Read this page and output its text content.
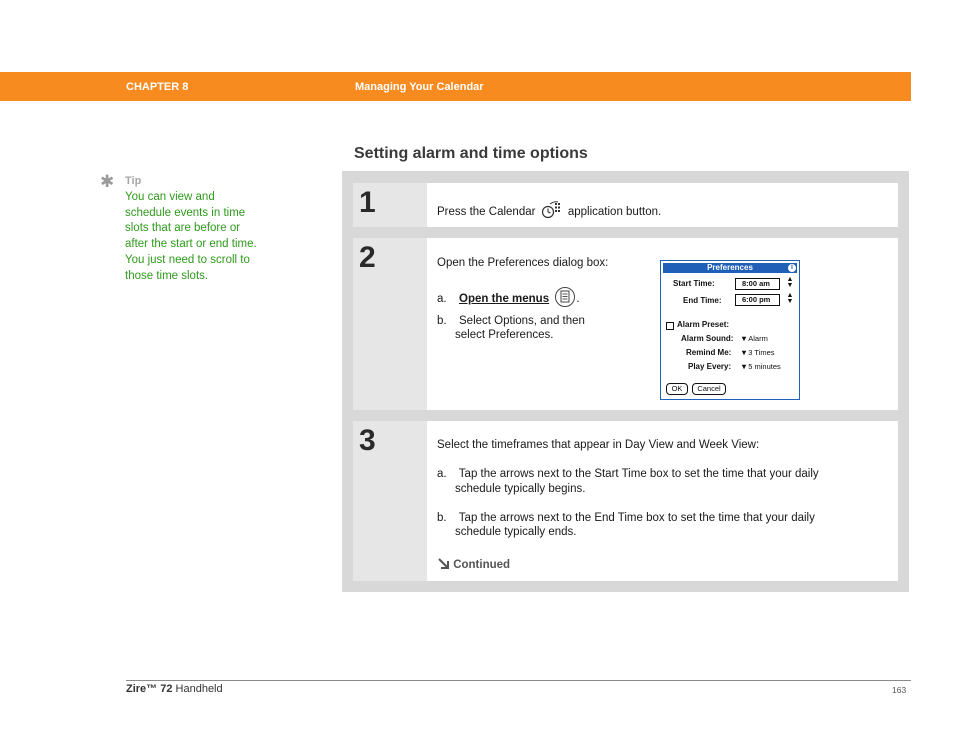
CHAPTER 8	Managing Your Calendar
✱ Tip
You can view and
schedule events in time
slots that are before or
after the start or end time.
You just need to scroll to
those time slots.
Setting alarm and time options
1	Press the Calendar	application button.
2	Open the Preferences dialog box:
a. Open the menus .
b. Select Options, and then
select Preferences.
Preferences	i
Start Time:	8:00 am	▲
▼
End Time:	6:00 pm	▲
▼
Alarm Preset:
Alarm Sound: ▾ Alarm
Remind Me: ▾ 3 Times
Play Every: ▾ 5 minutes
OK	Cancel
3	Select the timeframes that appear in Day View and Week View:
a. Tap the arrows next to the Start Time box to set the time that your daily
schedule typically begins.
b. Tap the arrows next to the End Time box to set the time that your daily
schedule typically ends.
Continued
Zire™ 72 Handheld	163
